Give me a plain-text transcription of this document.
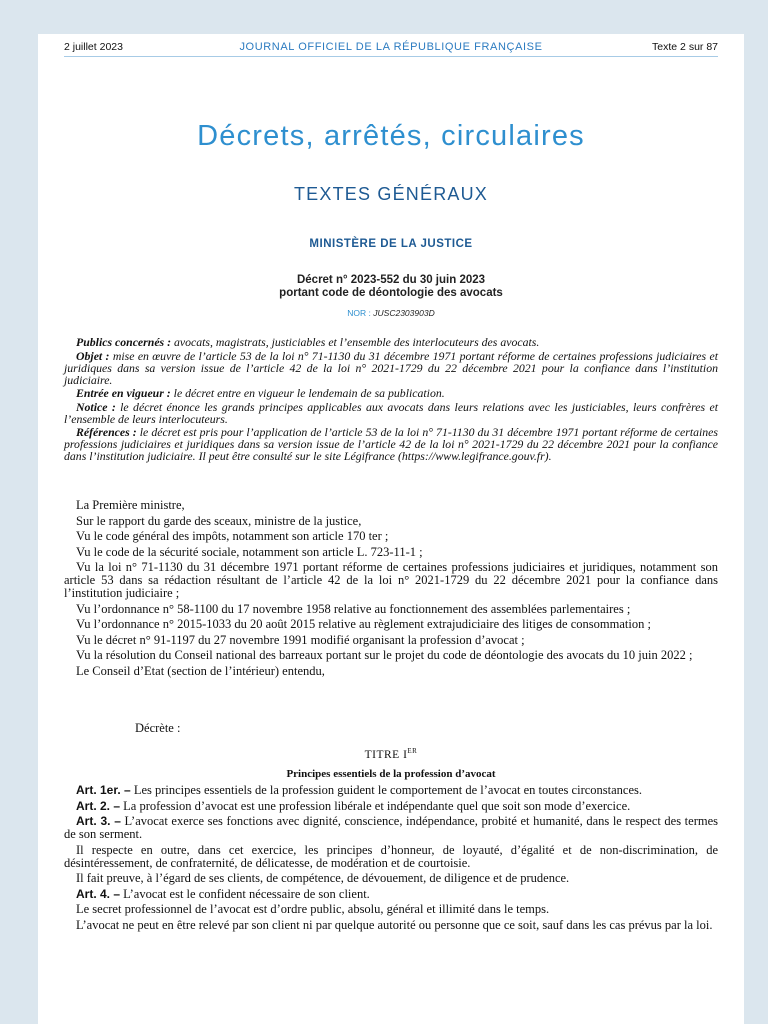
2 juillet 2023	JOURNAL OFFICIEL DE LA RÉPUBLIQUE FRANÇAISE	Texte 2 sur 87
Décrets, arrêtés, circulaires
TEXTES GÉNÉRAUX
MINISTÈRE DE LA JUSTICE
Décret n° 2023-552 du 30 juin 2023
portant code de déontologie des avocats
NOR : JUSC2303903D

Publics concernés : avocats, magistrats, justiciables et l’ensemble des interlocuteurs des avocats.

Objet : mise en œuvre de l’article 53 de la loi n° 71-1130 du 31 décembre 1971 portant réforme de certaines professions judiciaires et juridiques dans sa version issue de l’article 42 de la loi n° 2021-1729 du 22 décembre 2021 pour la confiance dans l’institution judiciaire.

Entrée en vigueur : le décret entre en vigueur le lendemain de sa publication.

Notice : le décret énonce les grands principes applicables aux avocats dans leurs relations avec les justiciables, leurs confrères et l’ensemble de leurs interlocuteurs.

Références : le décret est pris pour l’application de l’article 53 de la loi n° 71-1130 du 31 décembre 1971 portant réforme de certaines professions judiciaires et juridiques dans sa version issue de l’article 42 de la loi n° 2021-1729 du 22 décembre 2021 pour la confiance dans l’institution judiciaire. Il peut être consulté sur le site Légifrance (https://www.legifrance.gouv.fr).

La Première ministre,

Sur le rapport du garde des sceaux, ministre de la justice,

Vu le code général des impôts, notamment son article 170 ter ;

Vu le code de la sécurité sociale, notamment son article L. 723-11-1 ;

Vu la loi n° 71-1130 du 31 décembre 1971 portant réforme de certaines professions judiciaires et juridiques, notamment son article 53 dans sa rédaction résultant de l’article 42 de la loi n° 2021-1729 du 22 décembre 2021 pour la confiance dans l’institution judiciaire ;

Vu l’ordonnance n° 58-1100 du 17 novembre 1958 relative au fonctionnement des assemblées parlementaires ;

Vu l’ordonnance n° 2015-1033 du 20 août 2015 relative au règlement extrajudiciaire des litiges de consommation ;

Vu le décret n° 91-1197 du 27 novembre 1991 modifié organisant la profession d’avocat ;

Vu la résolution du Conseil national des barreaux portant sur le projet du code de déontologie des avocats du 10 juin 2022 ;

Le Conseil d’Etat (section de l’intérieur) entendu,

Décrète :
TITRE IER
Principes essentiels de la profession d’avocat

Art. 1er. – Les principes essentiels de la profession guident le comportement de l’avocat en toutes circonstances.

Art. 2. – La profession d’avocat est une profession libérale et indépendante quel que soit son mode d’exercice.

Art. 3. – L’avocat exerce ses fonctions avec dignité, conscience, indépendance, probité et humanité, dans le respect des termes de son serment.

Il respecte en outre, dans cet exercice, les principes d’honneur, de loyauté, d’égalité et de non-discrimination, de désintéressement, de confraternité, de délicatesse, de modération et de courtoisie.

Il fait preuve, à l’égard de ses clients, de compétence, de dévouement, de diligence et de prudence.

Art. 4. – L’avocat est le confident nécessaire de son client.

Le secret professionnel de l’avocat est d’ordre public, absolu, général et illimité dans le temps.

L’avocat ne peut en être relevé par son client ni par quelque autorité ou personne que ce soit, sauf dans les cas prévus par la loi.
